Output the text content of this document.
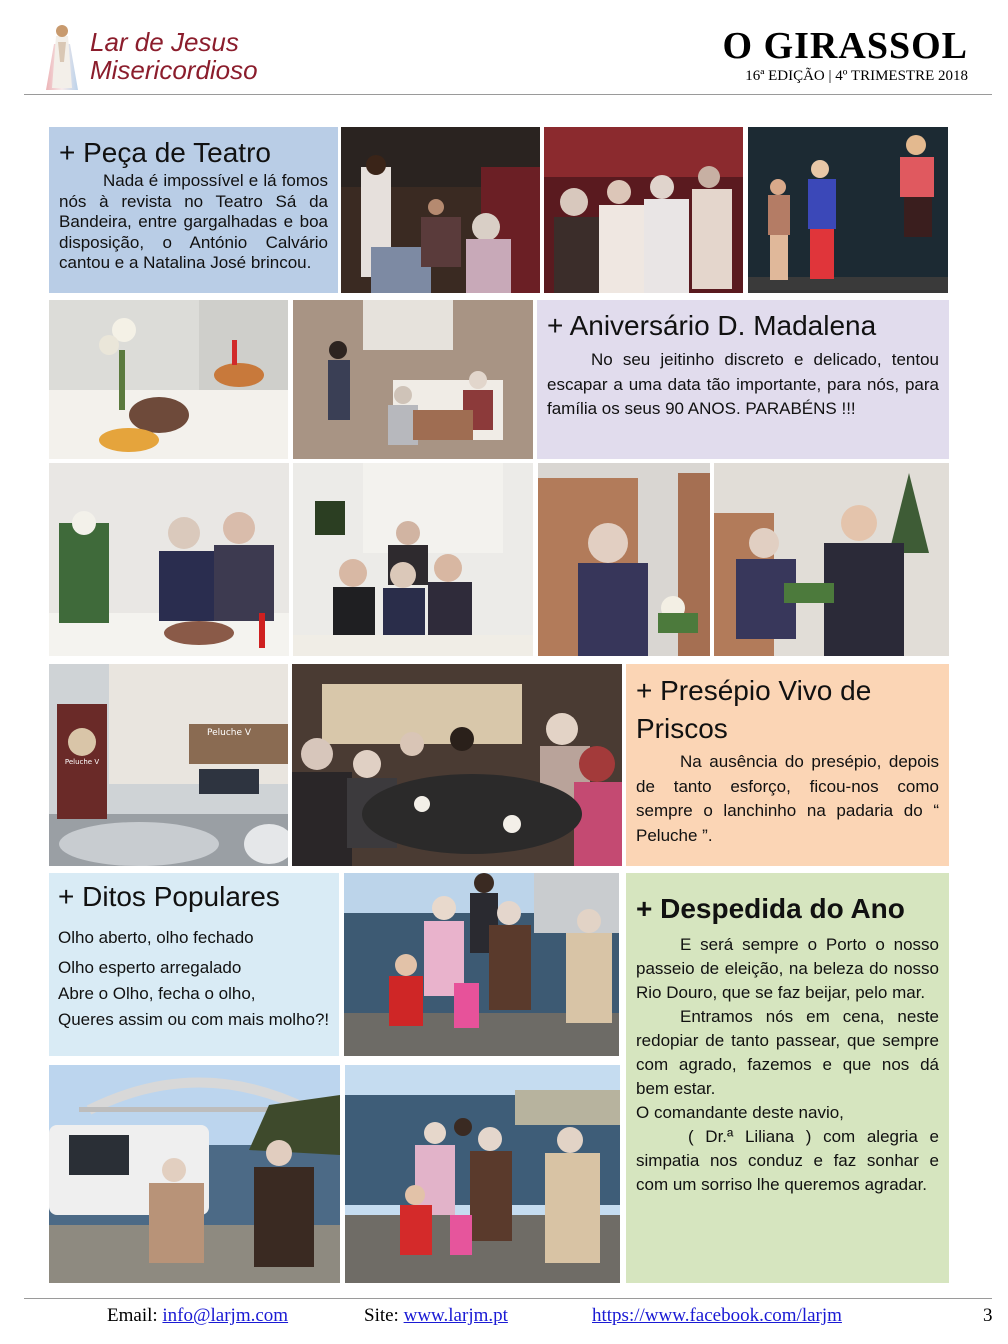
Lar de Jesus
Misericordioso
O GIRASSOL
16ª EDIÇÃO | 4º TRIMESTRE 2018
+ Peça de Teatro

Nada é impossível e lá fomos nós à revista no Teatro Sá da Bandeira, entre gargalhadas e boa disposição, o António Calvário cantou e a Natalina José brincou.

+ Aniversário D. Madalena

No seu jeitinho discreto e delicado, tentou escapar a uma data tão importante, para nós, para família os seus 90 ANOS. PARABÉNS !!!

Peluche V
Peluche V
+ Presépio Vivo de Priscos

Na ausência do presépio, depois de tanto esforço, ficou-nos como sempre o lanchinho na padaria do “ Peluche ”.

+ Ditos Populares

Olho aberto, olho fechado

Olho esperto arregalado

Abre o Olho, fecha o olho,

Queres assim ou com mais molho?!

+ Despedida do Ano

E será sempre o Porto o nosso passeio de eleição, na beleza do nosso Rio Douro, que se faz beijar, pelo mar.

Entramos nós em cena, neste redopiar de tanto passear, que sempre com agrado, fazemos e que nos dá bem estar.

O comandante deste navio,

( Dr.ª Liliana ) com alegria e simpatia nos conduz e faz sonhar e com um sorriso lhe queremos agradar.

Email: info@larjm.com	Site: www.larjm.pt	https://www.facebook.com/larjm	3
